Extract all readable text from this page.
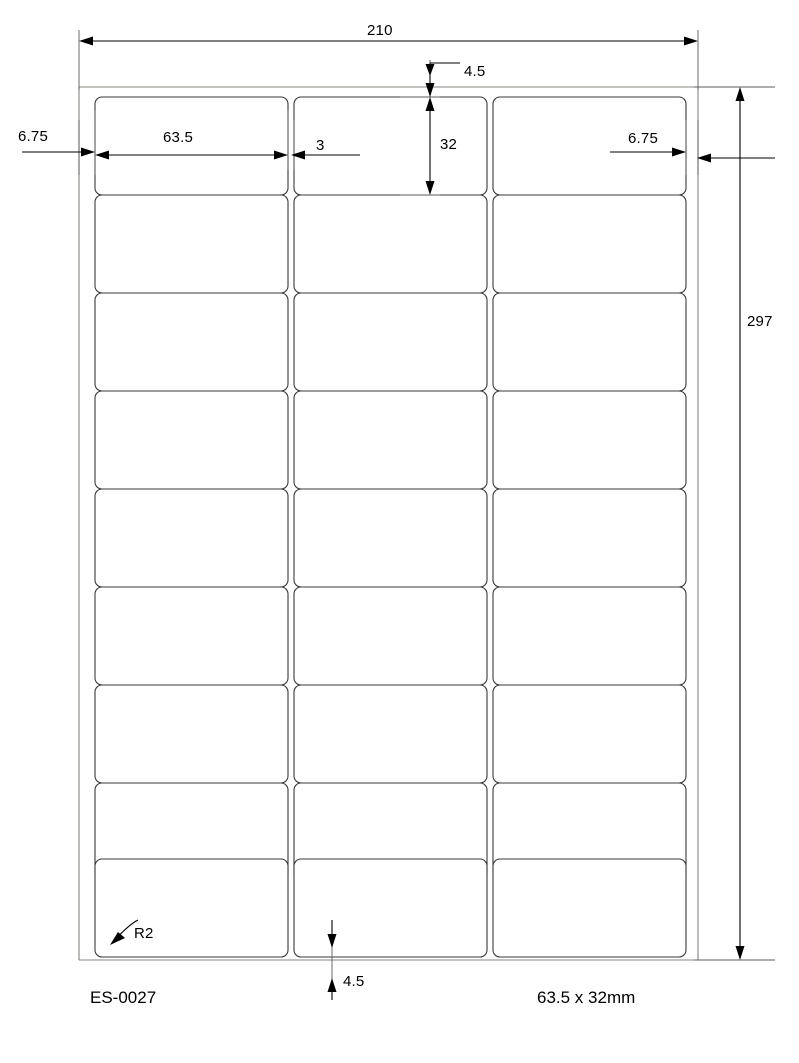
210
297
4.5
4.5
6.75	6.75
63.5	3	32
R2
ES-0027	63.5 x 32mm
